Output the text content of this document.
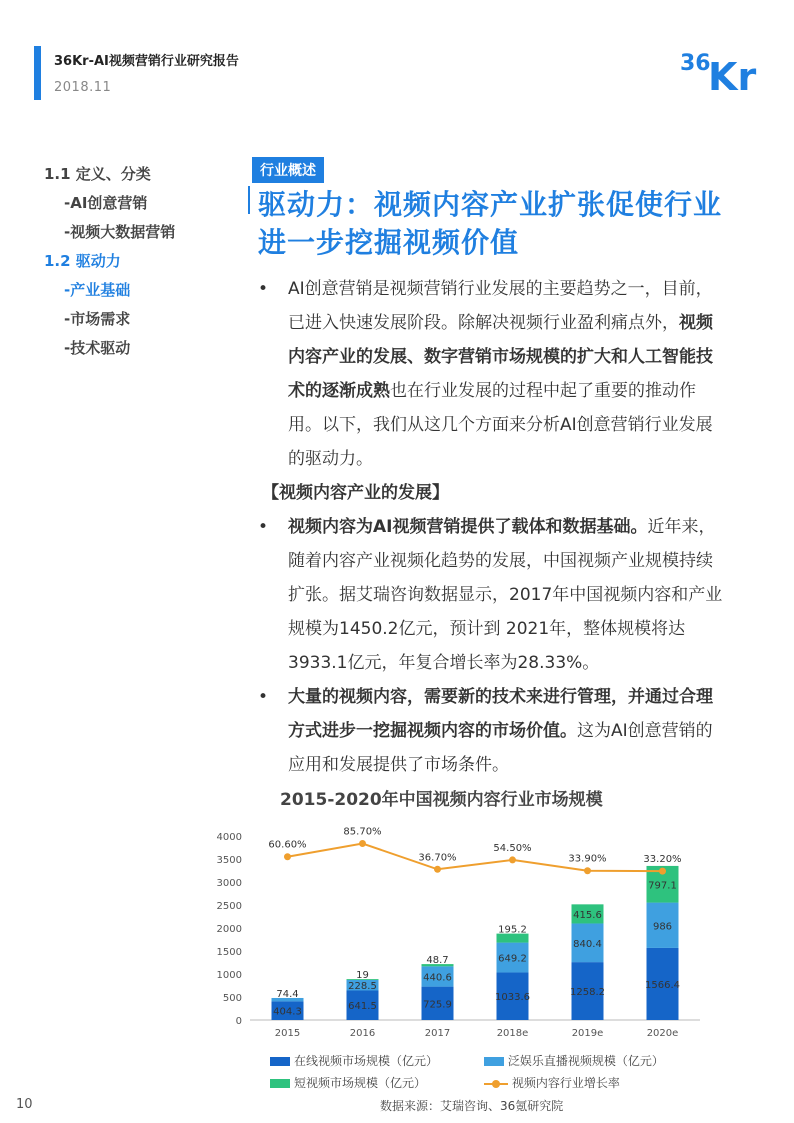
36Kr-AI视频营销行业研究报告
2018.11
36
Kr
1.1 定义、分类
-AI创意营销
-视频大数据营销
1.2 驱动力
-产业基础
-市场需求
-技术驱动
行业概述
驱动力：视频内容产业扩张促使行业进一步挖掘视频价值
•	AI创意营销是视频营销行业发展的主要趋势之一，目前，已进入快速发展阶段。除解决视频行业盈利痛点外，视频内容产业的发展、数字营销市场规模的扩大和人工智能技术的逐渐成熟也在行业发展的过程中起了重要的推动作用。以下，我们从这几个方面来分析AI创意营销行业发展的驱动力。
【视频内容产业的发展】
•	视频内容为AI视频营销提供了载体和数据基础。近年来，随着内容产业视频化趋势的发展，中国视频产业规模持续扩张。据艾瑞咨询数据显示，2017年中国视频内容和产业规模为1450.2亿元，预计到 2021年，整体规模将达3933.1亿元，年复合增长率为28.33%。
•	大量的视频内容，需要新的技术来进行管理，并通过合理方式进步一挖掘视频内容的市场价值。这为AI创意营销的应用和发展提供了市场条件。
2015-2020年中国视频内容行业市场规模
0
500
1000
1500
2000
2500
3000
3500
4000
404.3
74.4
2015
641.5
228.5
19
2016
725.9
440.6
48.7
2017
1033.6
649.2
195.2
2018e
1258.2
840.4
415.6
2019e
1566.4
986
797.1
2020e
60.60%
85.70%
36.70%
54.50%
33.90%	33.20%
在线视频市场规模（亿元）	泛娱乐直播视频规模（亿元） 短视频市场规模（亿元）	视频内容行业增长率
数据来源：艾瑞咨询、36氪研究院
10
